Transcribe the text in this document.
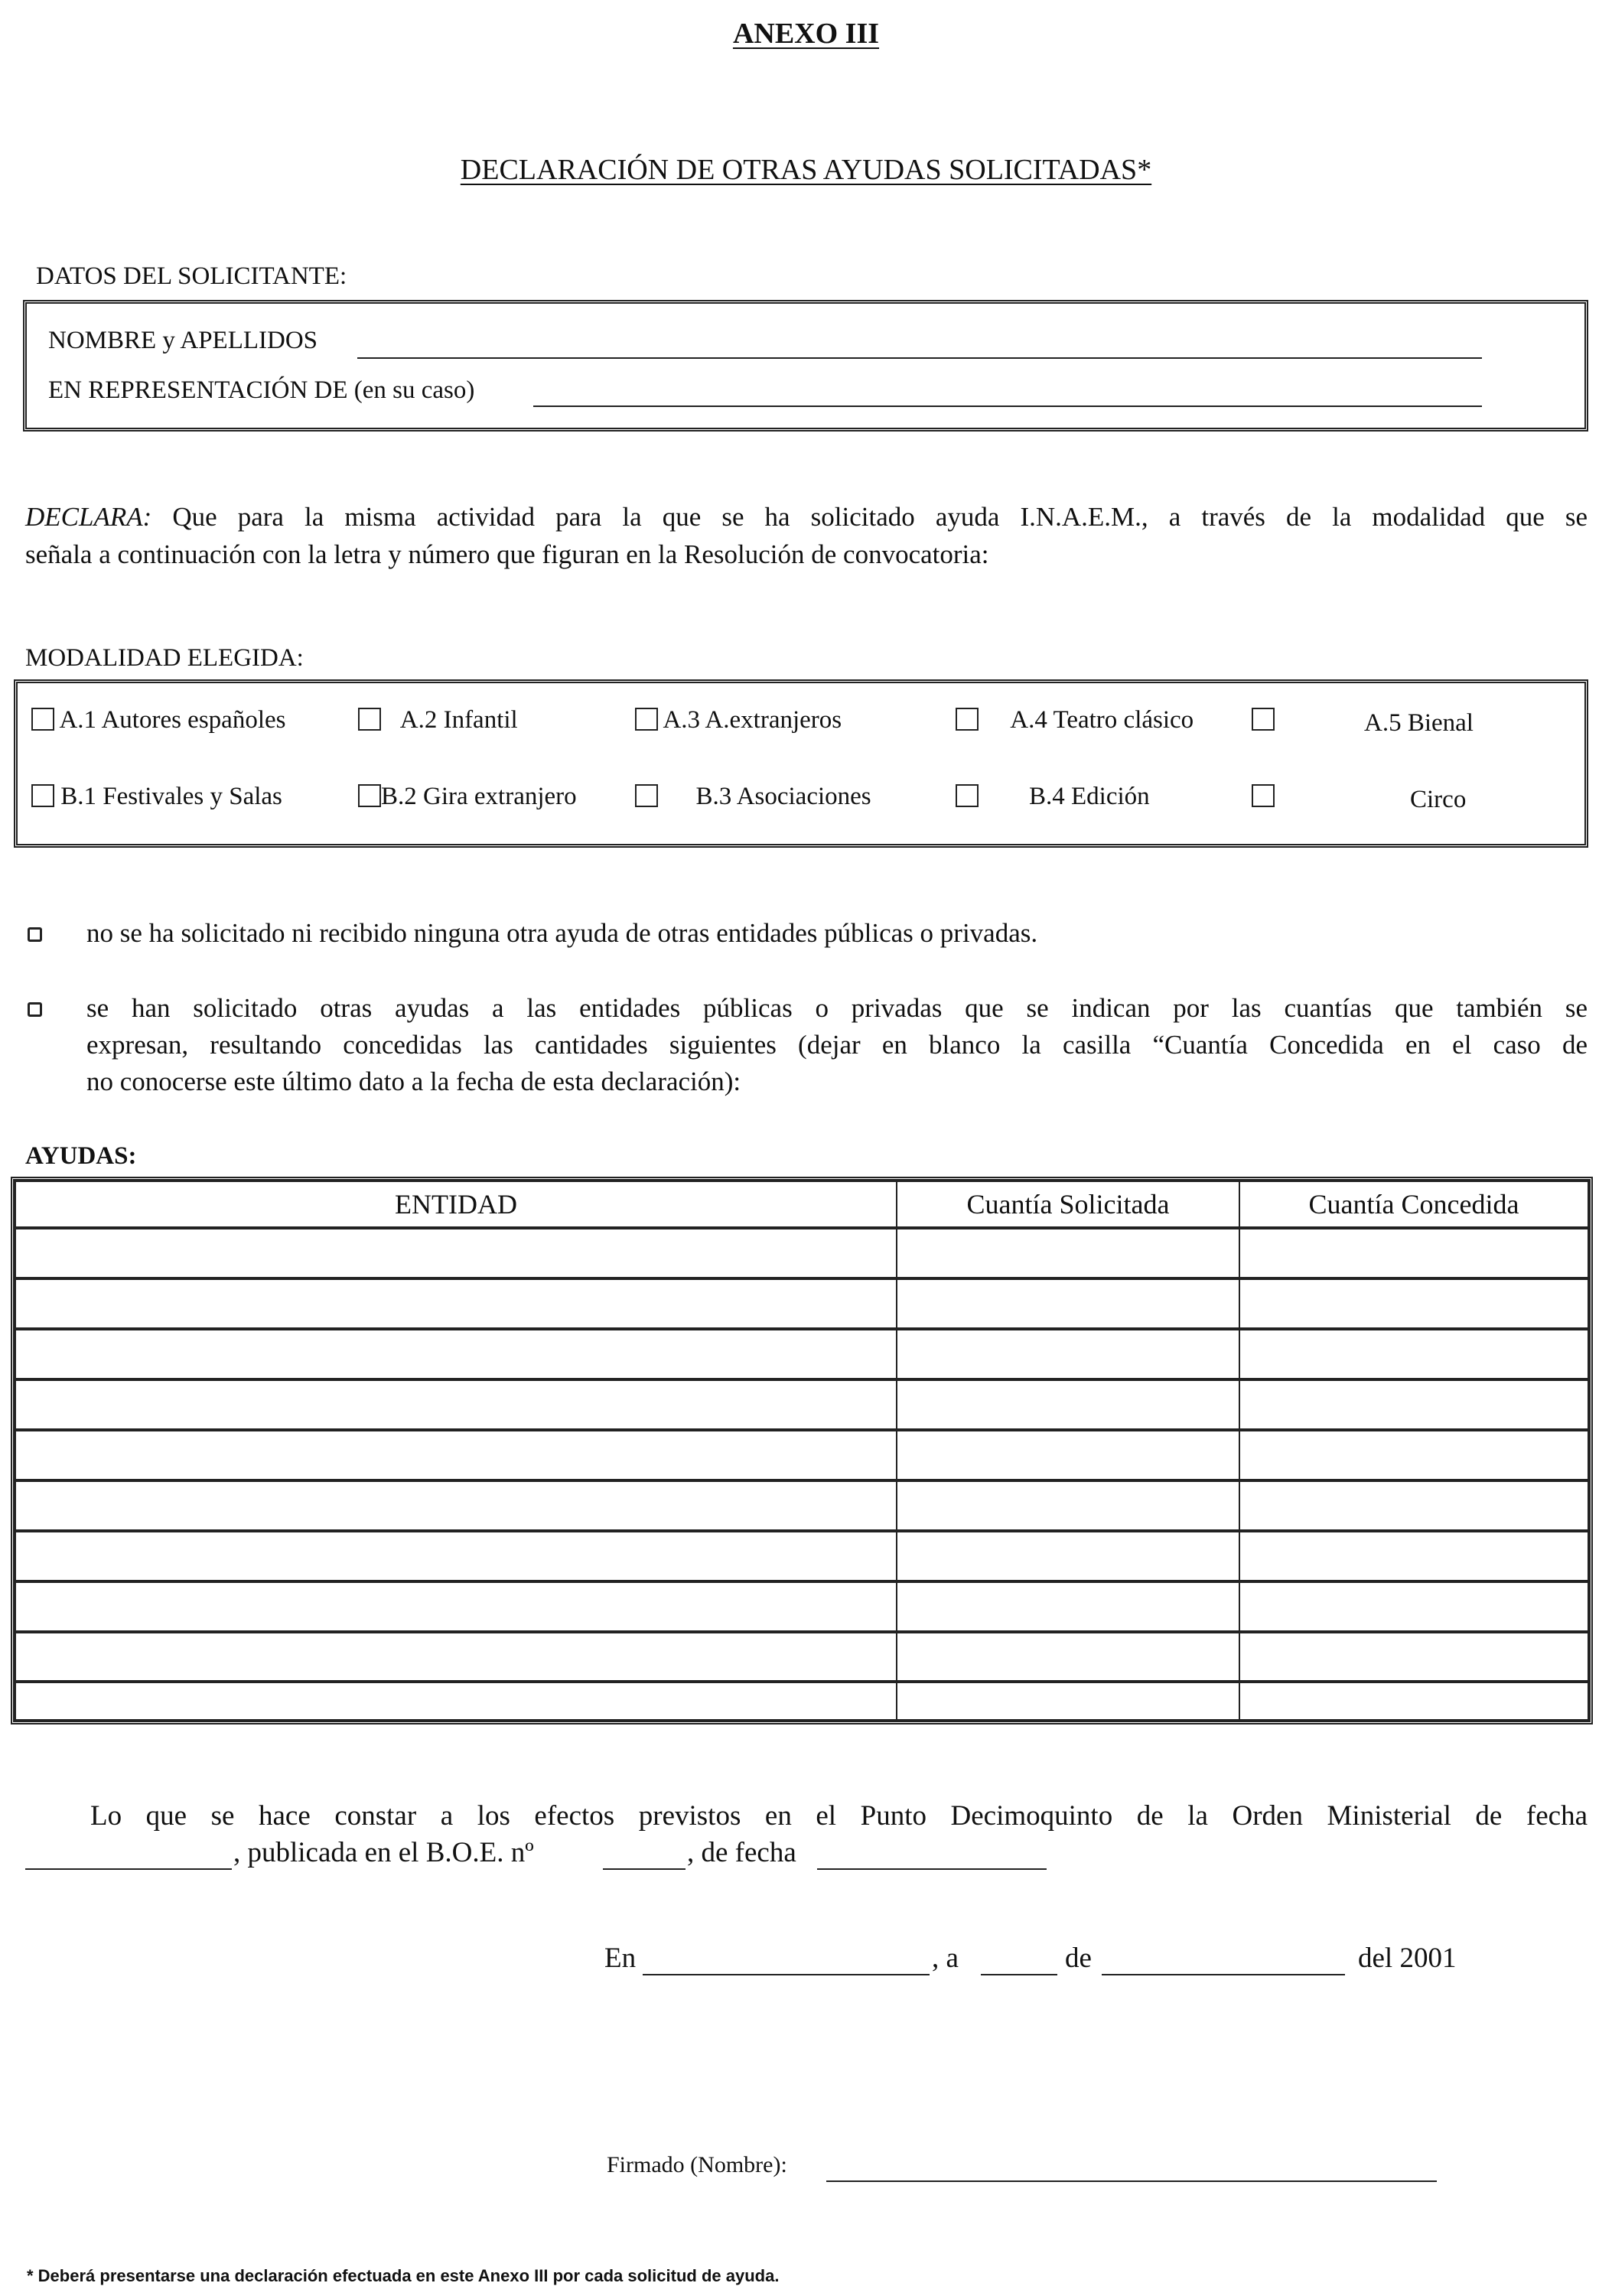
ANEXO III
DECLARACIÓN DE OTRAS AYUDAS SOLICITADAS*
DATOS DEL SOLICITANTE:
NOMBRE y APELLIDOS
EN REPRESENTACIÓN DE (en su caso)
DECLARA: Que para la misma actividad para la que se ha solicitado ayuda I.N.A.E.M., a través de la modalidad que se
señala a continuación con la letra y número que figuran en la Resolución de convocatoria:
MODALIDAD ELEGIDA:
A.1 Autores españoles	A.2 Infantil	A.3 A.extranjeros	A.4 Teatro clásico	A.5 Bienal
B.1 Festivales y Salas	B.2 Gira extranjero	B.3 Asociaciones	B.4 Edición	Circo
no se ha solicitado ni recibido ninguna otra ayuda de otras entidades públicas o privadas.
se han solicitado otras ayudas a las entidades públicas o privadas que se indican por las cuantías que también se
expresan, resultando concedidas las cantidades siguientes (dejar en blanco la casilla “Cuantía Concedida en el caso de
no conocerse este último dato a la fecha de esta declaración):
AYUDAS:
ENTIDAD	Cuantía Solicitada	Cuantía Concedida

Lo que se hace constar a los efectos previstos en el Punto Decimoquinto de la Orden Ministerial de fecha
, publicada en el B.O.E. nº	, de fecha
En	, a	de	del 2001
Firmado (Nombre):
* Deberá presentarse una declaración efectuada en este Anexo III por cada solicitud de ayuda.
